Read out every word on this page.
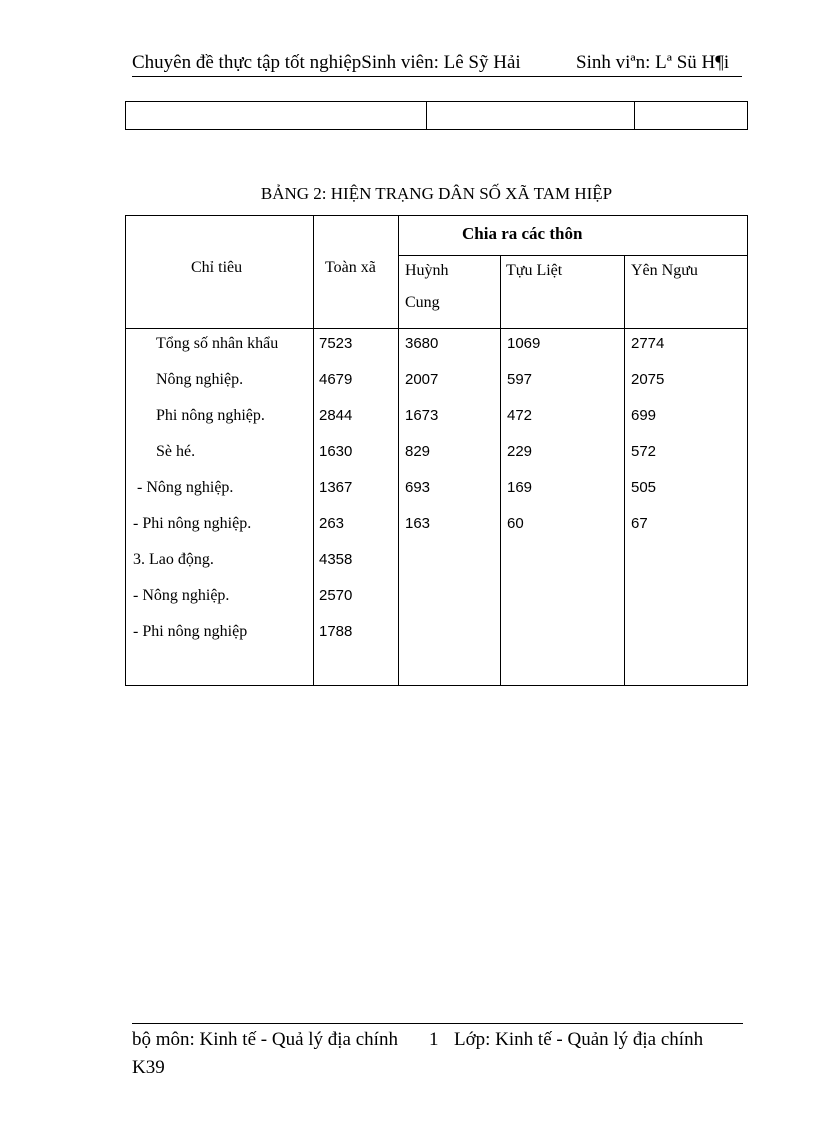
Chuyên đề thực tập tốt nghiệpSinh viên: Lê Sỹ Hải	Sinh viªn: Lª Sü H¶i
BẢNG 2: HIỆN TRẠNG DÂN SỐ XÃ TAM HIỆP
Chỉ tiêu	Toàn xã
Chia ra các thôn
Huỳnh
Cung
Tựu Liệt	Yên Ngưu
Tổng số nhân khẩu	7523	3680	1069	2774
Nông nghiệp.	4679	2007	597	2075
Phi nông nghiệp.	2844	1673	472	699
Sè hé.	1630	829	229	572
- Nông nghiệp.	1367	693	169	505
- Phi nông nghiệp.	263	163	60	67
3. Lao động.	4358
- Nông nghiệp.	2570
- Phi nông nghiệp	1788
bộ môn: Kinh tế - Quả lý địa chính 1 Lớp: Kinh tế - Quản lý địa chính
K39
